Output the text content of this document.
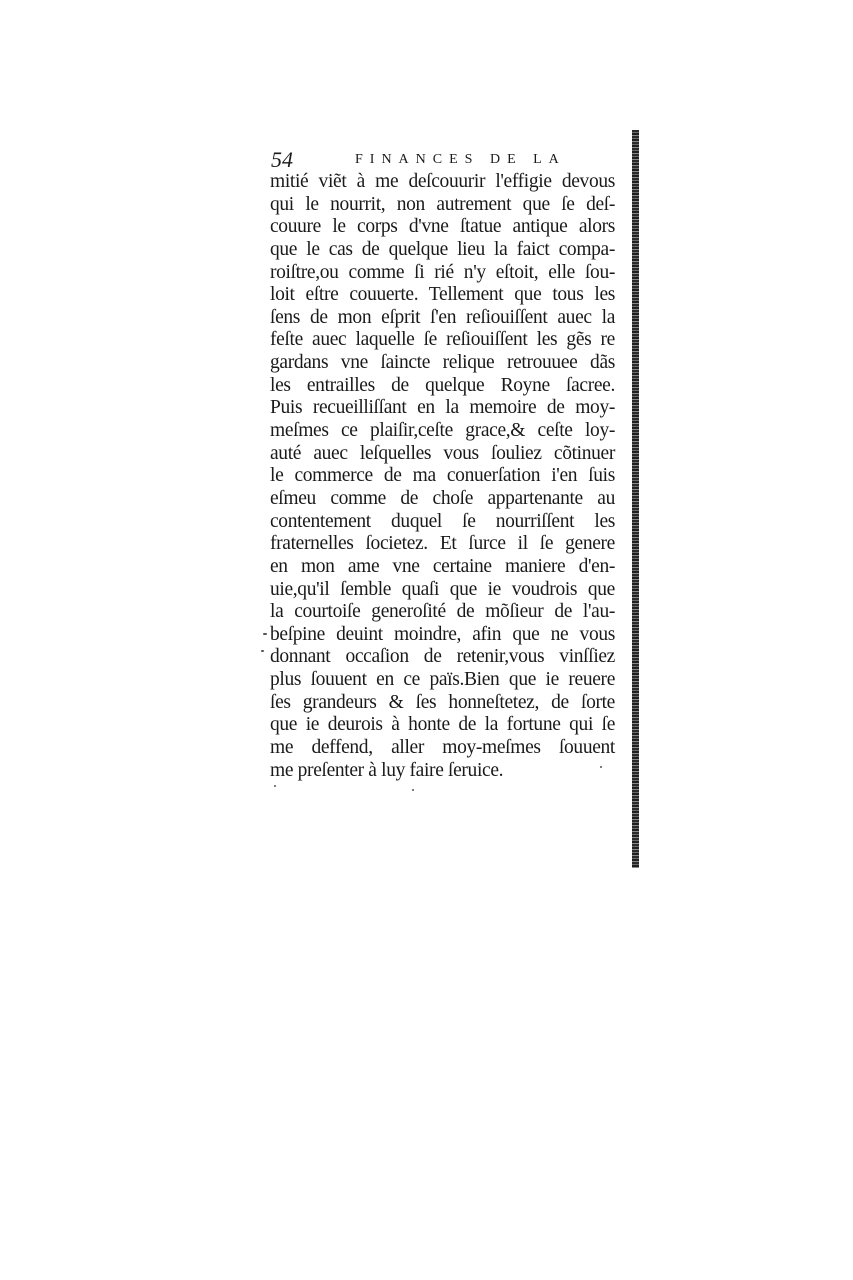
54	FINANCES DE LA
mitié viẽt à me deſcouurir l'effigie devous
qui le nourrit, non autrement que ſe deſ-
couure le corps d'vne ſtatue antique alors
que le cas de quelque lieu la faict compa-
roiſtre,ou comme ſi rié n'y eſtoit, elle ſou-
loit eſtre couuerte. Tellement que tous les
ſens de mon eſprit ſ'en reſiouiſſent auec la
feſte auec laquelle ſe reſiouiſſent les gẽs re
gardans vne ſaincte relique retrouuee dãs
les entrailles de quelque Royne ſacree.
Puis recueilliſſant en la memoire de moy-
meſmes ce plaiſir,ceſte grace,& ceſte loy-
auté auec leſquelles vous ſouliez cõtinuer
le commerce de ma conuerſation i'en ſuis
eſmeu comme de choſe appartenante au
contentement duquel ſe nourriſſent les
fraternelles ſocietez. Et ſurce il ſe genere
en mon ame vne certaine maniere d'en-
uie,qu'il ſemble quaſi que ie voudrois que
la courtoiſe generoſité de mõſieur de l'au-
beſpine deuint moindre, afin que ne vous
donnant occaſion de retenir,vous vinſſiez
plus ſouuent en ce païs.Bien que ie reuere
ſes grandeurs & ſes honneſtetez, de ſorte
que ie deurois à honte de la fortune qui ſe
me deffend, aller moy-meſmes ſouuent
me preſenter à luy faire ſeruice.
